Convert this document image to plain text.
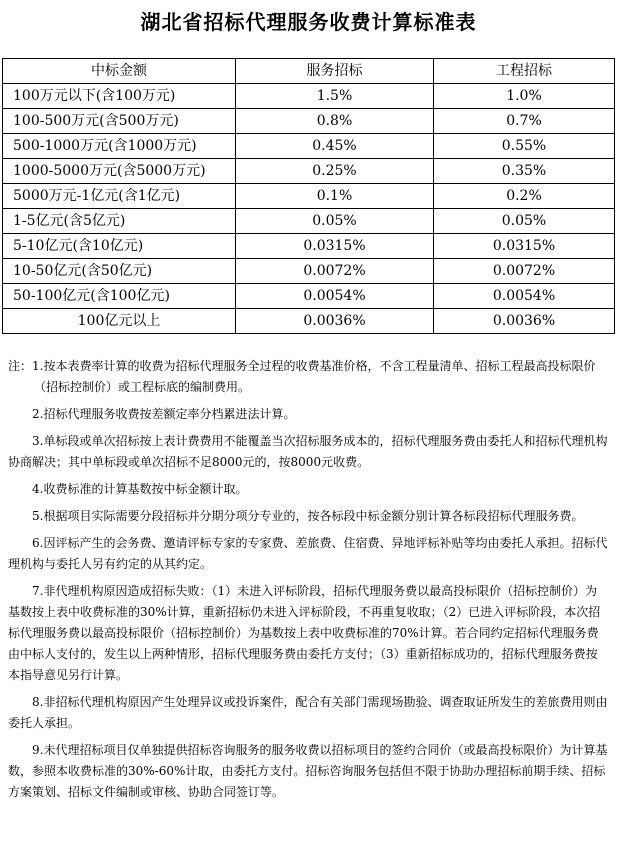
湖北省招标代理服务收费计算标准表
中标金额	服务招标	工程招标
100万元以下(含100万元)	1.5%	1.0%
100-500万元(含500万元)	0.8%	0.7%
500-1000万元(含1000万元)	0.45%	0.55%
1000-5000万元(含5000万元)	0.25%	0.35%
5000万元-1亿元(含1亿元)	0.1%	0.2%
1-5亿元(含5亿元)	0.05%	0.05%
5-10亿元(含10亿元)	0.0315%	0.0315%
10-50亿元(含50亿元)	0.0072%	0.0072%
50-100亿元(含100亿元)	0.0054%	0.0054%
100亿元以上	0.0036%	0.0036%

注：1.按本表费率计算的收费为招标代理服务全过程的收费基准价格，不含工程量清单、招标工程最高投标限价（招标控制价）或工程标底的编制费用。

2.招标代理服务收费按差额定率分档累进法计算。

3.单标段或单次招标按上表计费费用不能覆盖当次招标服务成本的，招标代理服务费由委托人和招标代理机构协商解决；其中单标段或单次招标不足8000元的，按8000元收费。

4.收费标准的计算基数按中标金额计取。

5.根据项目实际需要分段招标并分期分项分专业的，按各标段中标金额分别计算各标段招标代理服务费。

6.因评标产生的会务费、邀请评标专家的专家费、差旅费、住宿费、异地评标补贴等均由委托人承担。招标代理机构与委托人另有约定的从其约定。

7.非代理机构原因造成招标失败：（1）未进入评标阶段，招标代理服务费以最高投标限价（招标控制价）为基数按上表中收费标准的30%计算，重新招标仍未进入评标阶段，不再重复收取；（2）已进入评标阶段，本次招标代理服务费以最高投标限价（招标控制价）为基数按上表中收费标准的70%计算。若合同约定招标代理服务费由中标人支付的，发生以上两种情形，招标代理服务费由委托方支付；（3）重新招标成功的，招标代理服务费按本指导意见另行计算。

8.非招标代理机构原因产生处理异议或投诉案件，配合有关部门需现场勘验、调查取证所发生的差旅费用则由委托人承担。

9.未代理招标项目仅单独提供招标咨询服务的服务收费以招标项目的签约合同价（或最高投标限价）为计算基数，参照本收费标准的30%-60%计取，由委托方支付。招标咨询服务包括但不限于协助办理招标前期手续、招标方案策划、招标文件编制或审核、协助合同签订等。
